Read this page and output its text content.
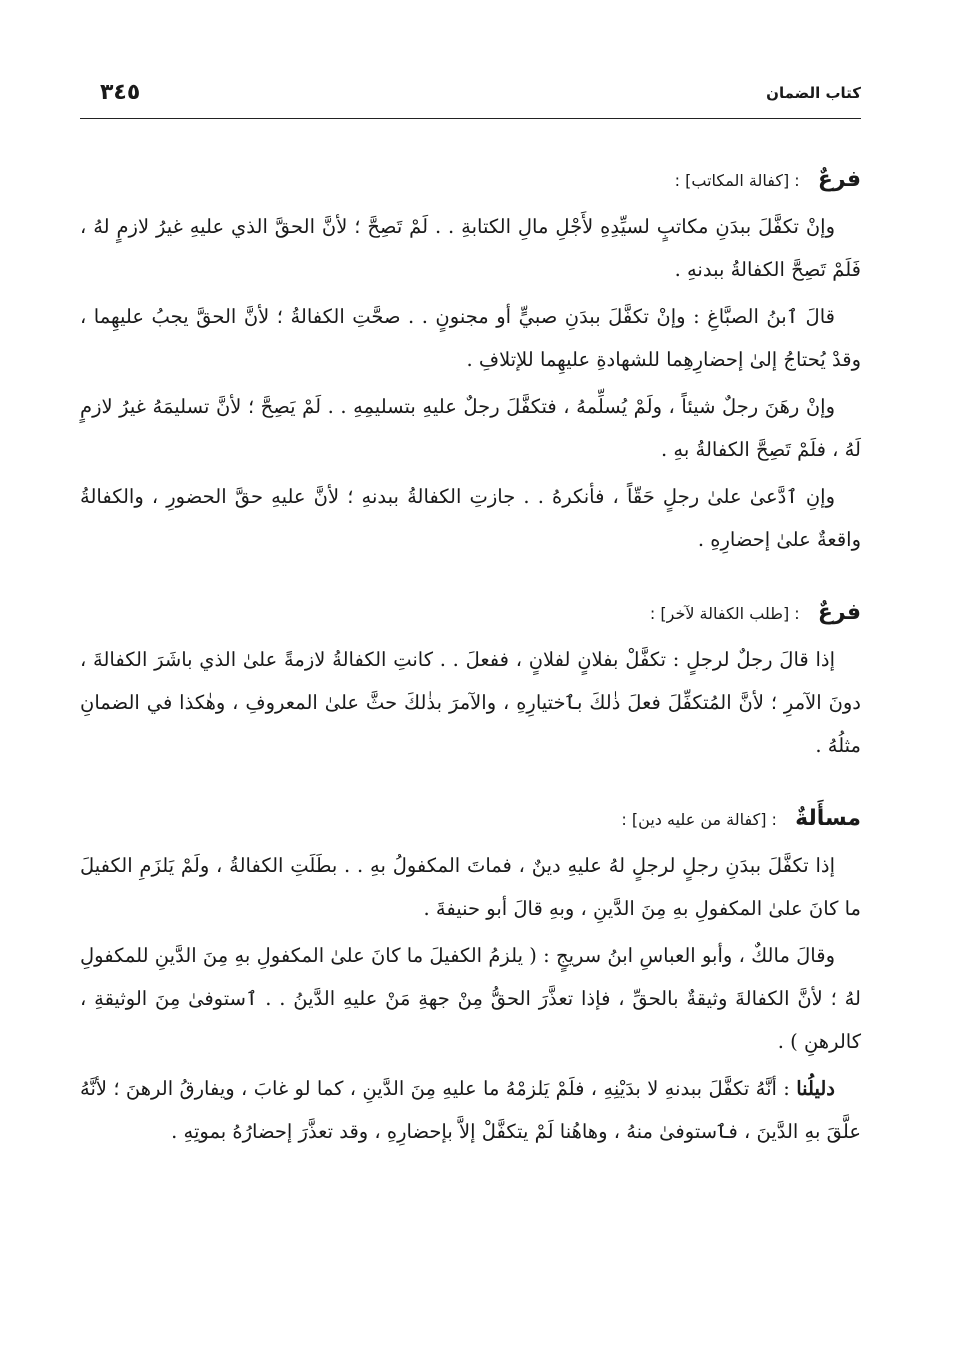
كتاب الضمان
٣٤٥
فرعٌ : [كفالة المكاتب] :

وإنْ تكفَّلَ ببدَنِ مكاتبٍ لسيِّدِهِ لأَجْلِ مالِ الكتابةِ . . لَمْ تَصِحَّ ؛ لأنَّ الحقَّ الذي عليهِ غيرُ لازمٍ لهُ ، فَلَمْ تَصِحَّ الكفالةُ ببدنهِ .

قالَ ٱبنُ الصبَّاغِ : وإنْ تكفَّلَ ببدَنِ صبيٍّ أو مجنونٍ . . صحَّتِ الكفالةُ ؛ لأنَّ الحقَّ يجبُ عليهِما ، وقدْ يُحتاجُ إلىٰ إحضارِهِما للشهادةِ عليهِما للإتلافِ .

وإنْ رهَنَ رجلٌ شيئاً ، ولَمْ يُسلِّمهُ ، فتكفَّلَ رجلٌ عليهِ بتسليمِهِ . . لَمْ يَصِحَّ ؛ لأنَّ تسليمَهُ غيرُ لازمٍ لَهُ ، فلَمْ تَصِحَّ الكفالةُ بهِ .

وإنِ ٱدَّعىٰ علىٰ رجلٍ حَقّاً ، فأنكرهُ . . جازتِ الكفالةُ ببدنهِ ؛ لأنَّ عليهِ حقَّ الحضورِ ، والكفالةُ واقعةٌ علىٰ إحضارِهِ .

فرعٌ : [طلب الكفالة لآخر] :

إذا قالَ رجلٌ لرجلٍ : تكفَّلْ بفلانٍ لفلانٍ ، ففعلَ . . كانتِ الكفالةُ لازمةً علىٰ الذي باشَرَ الكفالةَ ، دونَ الآمرِ ؛ لأنَّ المُتكفِّلَ فعلَ ذٰلكَ بٱختيارِهِ ، والآمرَ بذٰلكَ حثَّ علىٰ المعروفِ ، وهٰكذا في الضمانِ مثلُهُ .

مسأَلةٌ : [كفالة من عليه دين] :

إذا تكفَّلَ ببدَنِ رجلٍ لرجلٍ لهُ عليهِ دينٌ ، فماتَ المكفولُ بهِ . . بطَلَتِ الكفالةُ ، ولَمْ يَلزَمِ الكفيلَ ما كانَ علىٰ المكفولِ بهِ مِنَ الدَّينِ ، وبهِ قالَ أبو حنيفةَ .

وقالَ مالكٌ ، وأبو العباسِ ابنُ سريجٍ : ( يلزمُ الكفيلَ ما كانَ علىٰ المكفولِ بهِ مِنَ الدَّينِ للمكفولِ لهُ ؛ لأنَّ الكفالةَ وثيقةٌ بالحقِّ ، فإذا تعذَّرَ الحقُّ مِنْ جهةِ مَنْ عليهِ الدَّينُ . . ٱستوفىٰ مِنَ الوثيقةِ ، كالرهنِ ) .

دليلُنا : أنَّهُ تكفَّلَ ببدنهِ لا بدَيْنِهِ ، فلَمْ يَلزمْهُ ما عليهِ مِنَ الدَّينِ ، كما لو غابَ ، ويفارقُ الرهنَ ؛ لأنَّهُ علَّقَ بهِ الدَّينَ ، فٱستوفىٰ منهُ ، وهاهُنا لَمْ يتكفَّلْ إلاَّ بإحضارِهِ ، وقد تعذَّرَ إحضارُهُ بموتِهِ .
